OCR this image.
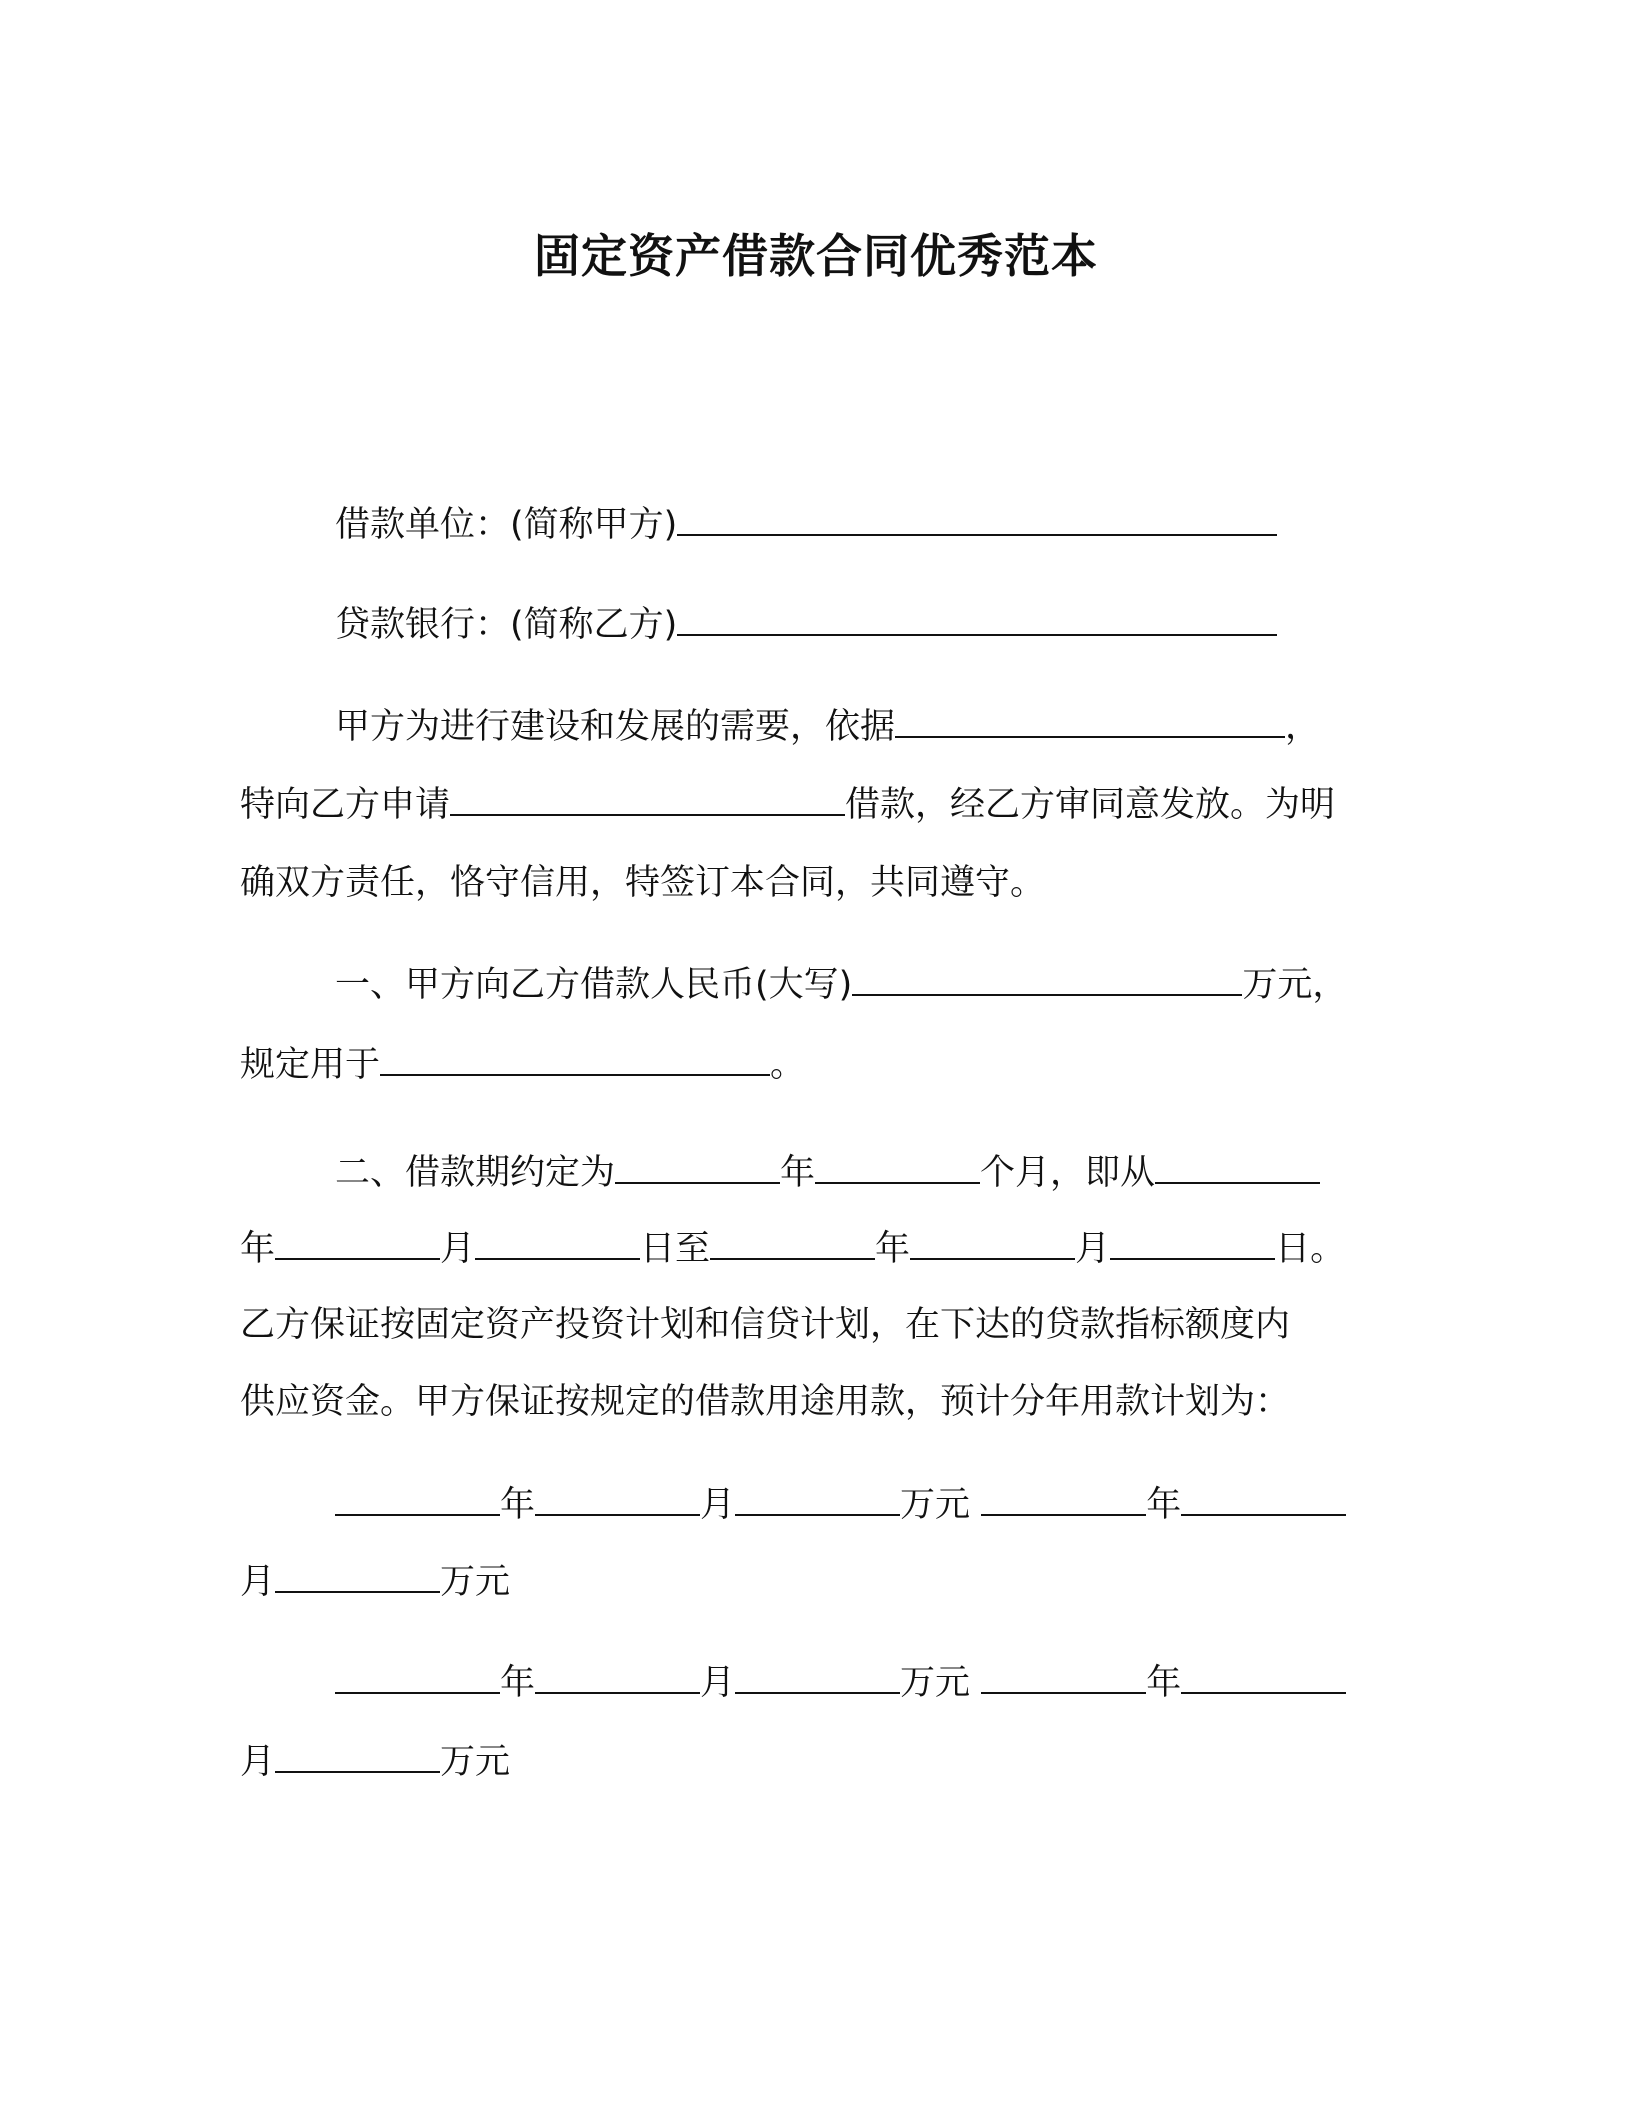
固定资产借款合同优秀范本
借款单位：(简称甲方)
贷款银行：(简称乙方)
甲方为进行建设和发展的需要，依据	，
特向乙方申请	借款，经乙方审同意发放。为明
确双方责任，恪守信用，特签订本合同，共同遵守。
一、甲方向乙方借款人民币(大写)	万元，
规定用于	。
二、借款期约定为	年	个月，即从
年	月	日至	年	月	日。
乙方保证按固定资产投资计划和信贷计划，在下达的贷款指标额度内
供应资金。甲方保证按规定的借款用途用款，预计分年用款计划为：
年	月	万元	年
月	万元
年	月	万元	年
月	万元
